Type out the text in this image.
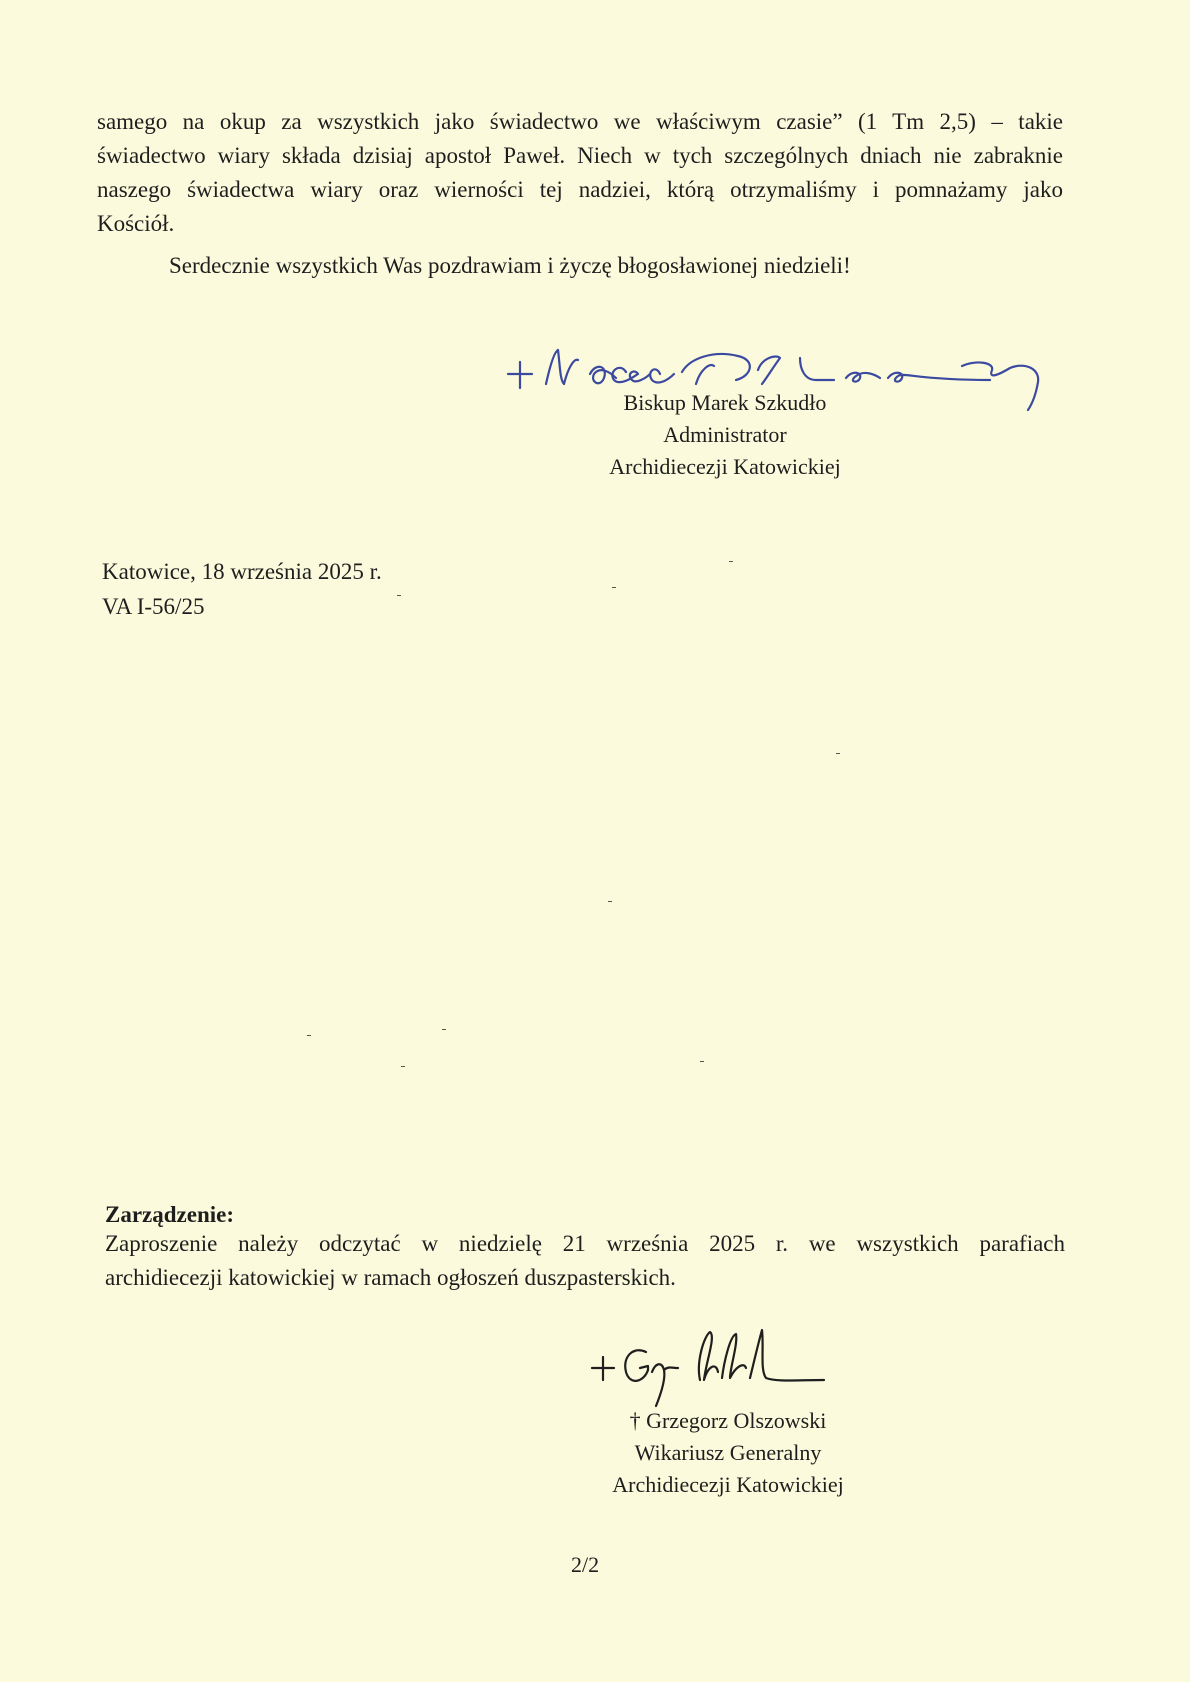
samego na okup za wszystkich jako świadectwo we właściwym czasie” (1 Tm 2,5) – takie
świadectwo wiary składa dzisiaj apostoł Paweł. Niech w tych szczególnych dniach nie zabraknie
naszego świadectwa wiary oraz wierności tej nadziei, którą otrzymaliśmy i pomnażamy jako
Kościół.

Serdecznie wszystkich Was pozdrawiam i życzę błogosławionej niedzieli!

Biskup Marek Szkudło
Administrator
Archidiecezji Katowickiej
Katowice, 18 września 2025 r.
VA I-56/25
Zarządzenie:
Zaproszenie należy odczytać w niedzielę 21 września 2025 r. we wszystkich parafiach
archidiecezji katowickiej w ramach ogłoszeń duszpasterskich.
† Grzegorz Olszowski
Wikariusz Generalny
Archidiecezji Katowickiej
2/2
